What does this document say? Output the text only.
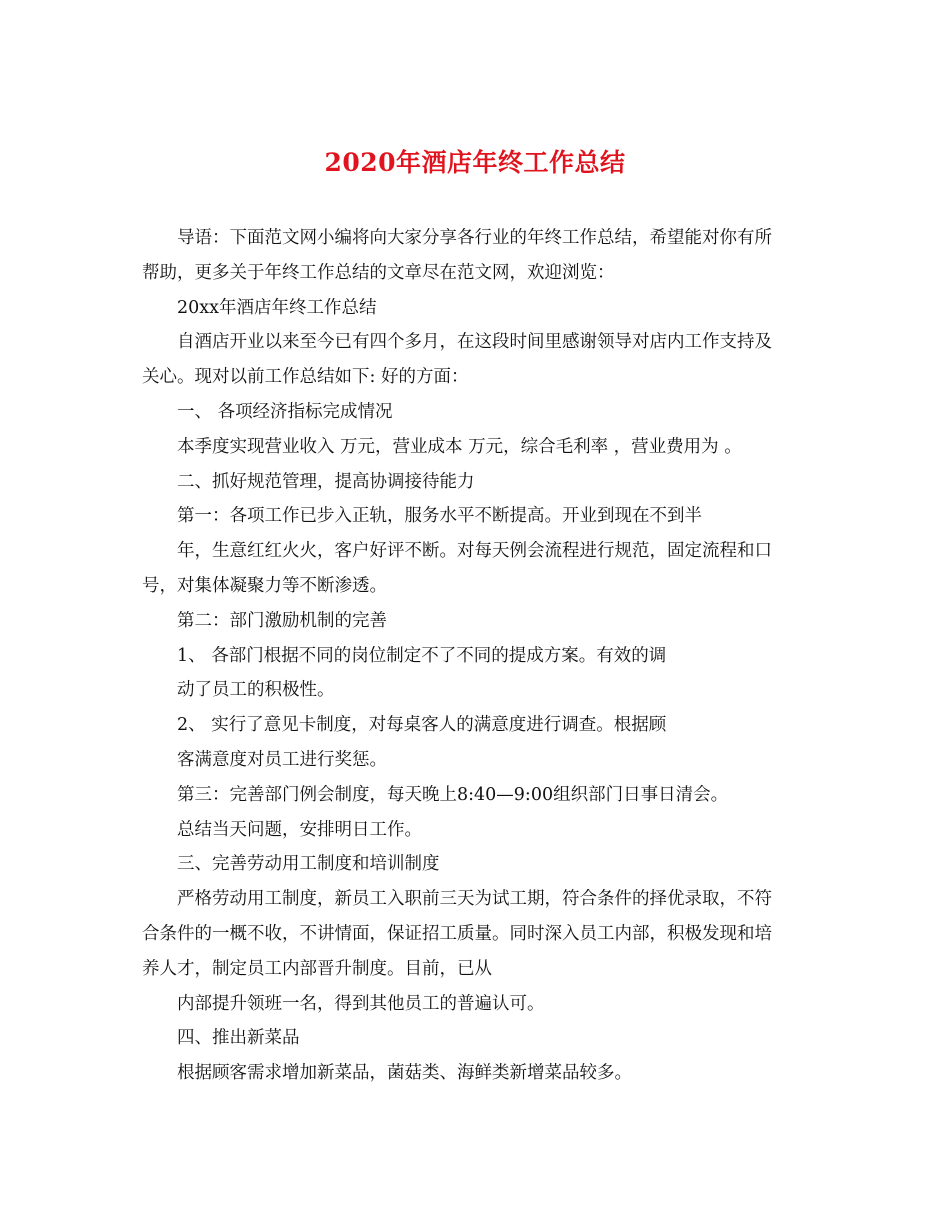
2020年酒店年终工作总结

导语：下面范文网小编将向大家分享各行业的年终工作总结，希望能对你有所

帮助，更多关于年终工作总结的文章尽在范文网，欢迎浏览：

20xx年酒店年终工作总结

自酒店开业以来至今已有四个多月，在这段时间里感谢领导对店内工作支持及

关心。现对以前工作总结如下: 好的方面：

一、 各项经济指标完成情况

本季度实现营业收入 万元，营业成本 万元，综合毛利率 ，营业费用为 。

二、抓好规范管理，提高协调接待能力

第一：各项工作已步入正轨，服务水平不断提高。开业到现在不到半

年，生意红红火火，客户好评不断。对每天例会流程进行规范，固定流程和口

号，对集体凝聚力等不断渗透。

第二：部门激励机制的完善

1、 各部门根据不同的岗位制定不了不同的提成方案。有效的调

动了员工的积极性。

2、 实行了意见卡制度，对每桌客人的满意度进行调查。根据顾

客满意度对员工进行奖惩。

第三：完善部门例会制度，每天晚上8:40—9:00组织部门日事日清会。

总结当天问题，安排明日工作。

三、完善劳动用工制度和培训制度

严格劳动用工制度，新员工入职前三天为试工期，符合条件的择优录取，不符

合条件的一概不收，不讲情面，保证招工质量。同时深入员工内部，积极发现和培

养人才，制定员工内部晋升制度。目前，已从

内部提升领班一名，得到其他员工的普遍认可。

四、推出新菜品

根据顾客需求增加新菜品，菌菇类、海鲜类新增菜品较多。
